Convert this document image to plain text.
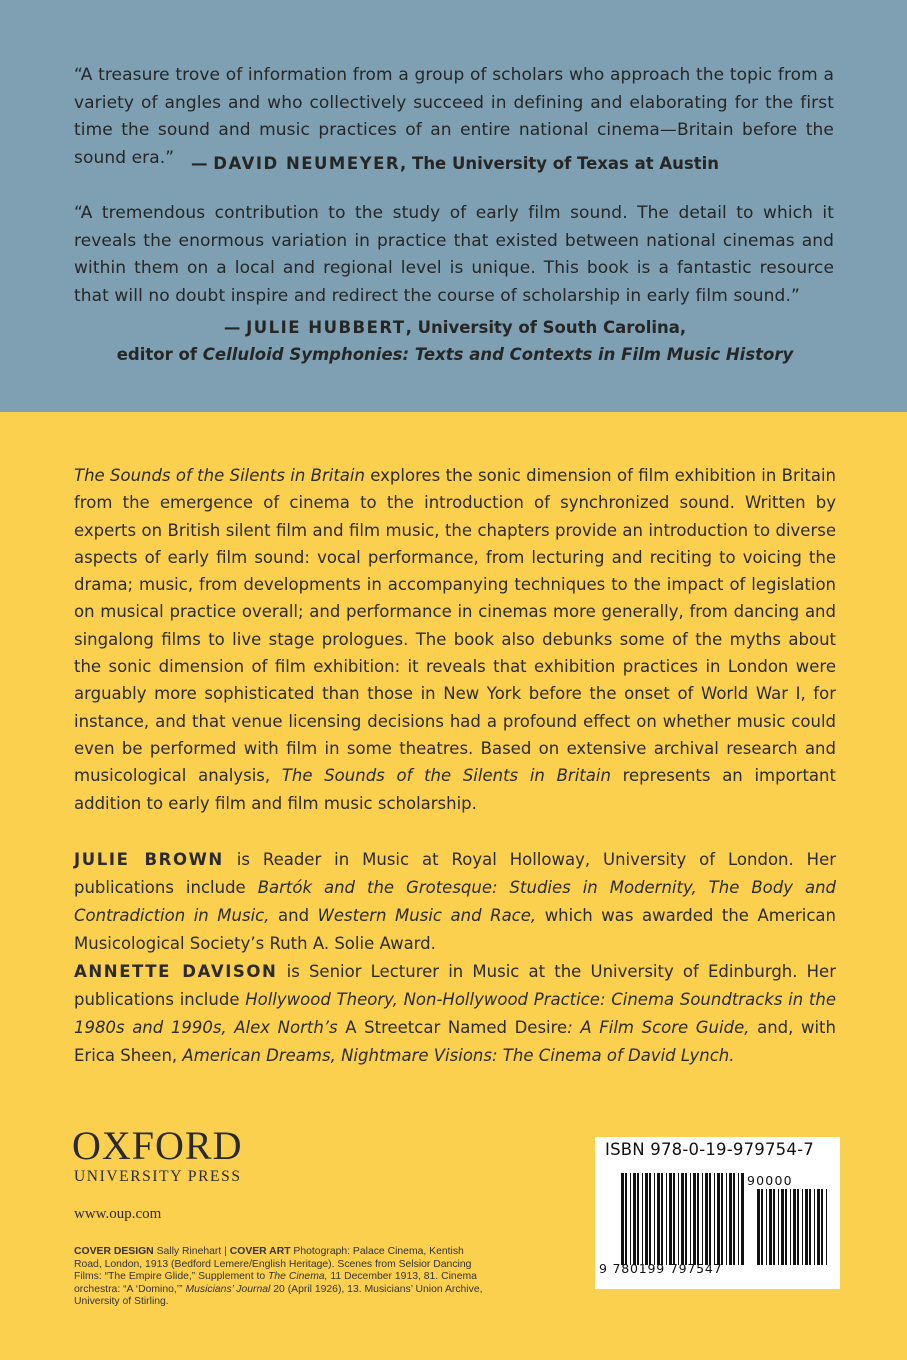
“A treasure trove of information from a group of scholars who approach the topic from a variety of angles and who collectively succeed in defining and elaborating for the first time the sound and music practices of an entire national cinema—Britain before the sound era.”	— DAVID NEUMEYER, The University of Texas at Austin
“A tremendous contribution to the study of early film sound. The detail to which it reveals the enormous variation in practice that existed between national cinemas and within them on a local and regional level is unique. This book is a fantastic resource that will no doubt inspire and redirect the course of scholarship in early film sound.”
— JULIE HUBBERT, University of South Carolina,
editor of Celluloid Symphonies: Texts and Contexts in Film Music History
The Sounds of the Silents in Britain explores the sonic dimension of film exhibition in Britain from the emergence of cinema to the introduction of synchronized sound. Written by experts on British silent film and film music, the chapters provide an introduction to diverse aspects of early film sound: vocal performance, from lecturing and reciting to voicing the drama; music, from developments in accompanying techniques to the impact of legislation on musical practice overall; and performance in cinemas more generally, from dancing and singalong films to live stage prologues. The book also debunks some of the myths about the sonic dimension of film exhibition: it reveals that exhibition practices in London were arguably more sophisticated than those in New York before the onset of World War I, for instance, and that venue licensing decisions had a profound effect on whether music could even be performed with film in some theatres. Based on extensive archival research and musicological analysis, The Sounds of the Silents in Britain represents an important addition to early film and film music scholarship.
JULIE BROWN is Reader in Music at Royal Holloway, University of London. Her publications include Bartók and the Grotesque: Studies in Modernity, The Body and Contradiction in Music, and Western Music and Race, which was awarded the American Musicological Society’s Ruth A. Solie Award.
ANNETTE DAVISON is Senior Lecturer in Music at the University of Edinburgh. Her publications include Hollywood Theory, Non-Hollywood Practice: Cinema Soundtracks in the 1980s and 1990s, Alex North’s A Streetcar Named Desire: A Film Score Guide, and, with Erica Sheen, American Dreams, Nightmare Visions: The Cinema of David Lynch.
OXFORD
UNIVERSITY PRESS
www.oup.com
COVER DESIGN Sally Rinehart | COVER ART Photograph: Palace Cinema, Kentish Road, London, 1913 (Bedford Lemere/English Heritage). Scenes from Selsior Dancing Films: “The Empire Glide,” Supplement to The Cinema, 11 December 1913, 81. Cinema orchestra: “A ‘Domino,’” Musicians’ Journal 20 (April 1926), 13. Musicians’ Union Archive, University of Stirling.
ISBN 978-0-19-979754-7
90000
9 780199 797547
